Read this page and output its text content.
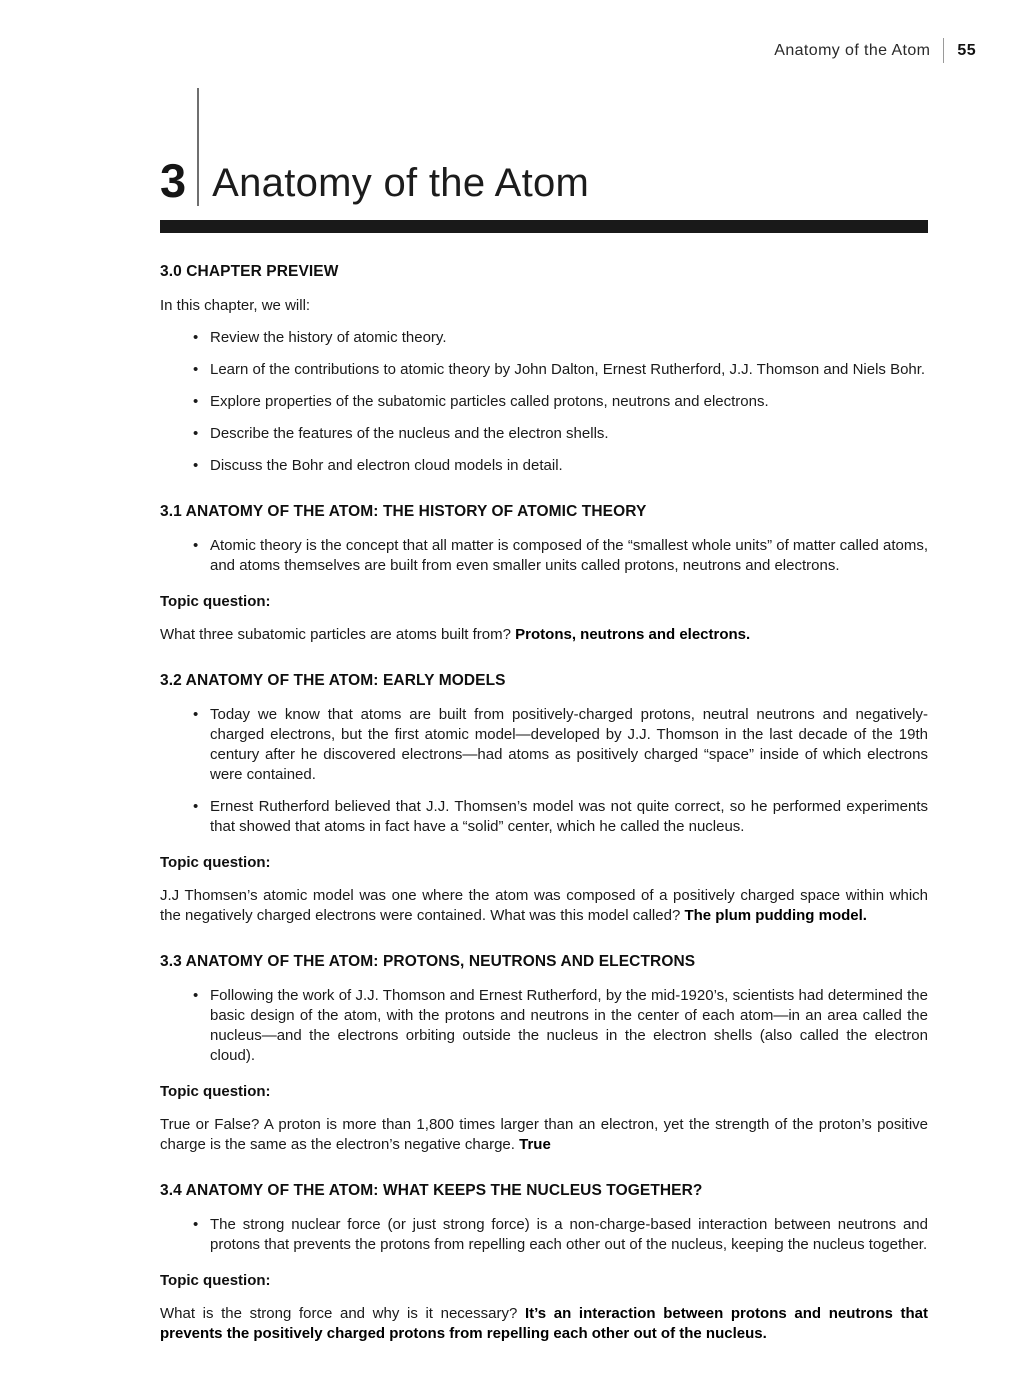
Anatomy of the Atom 55
3 Anatomy of the Atom
3.0 CHAPTER PREVIEW

In this chapter, we will:

• Review the history of atomic theory.
• Learn of the contributions to atomic theory by John Dalton, Ernest Rutherford, J.J. Thomson and Niels Bohr.
• Explore properties of the subatomic particles called protons, neutrons and electrons.
• Describe the features of the nucleus and the electron shells.
• Discuss the Bohr and electron cloud models in detail.
3.1 ANATOMY OF THE ATOM: THE HISTORY OF ATOMIC THEORY
• Atomic theory is the concept that all matter is composed of the “smallest whole units” of matter called atoms, and atoms themselves are built from even smaller units called protons, neutrons and electrons.

Topic question:

What three subatomic particles are atoms built from? Protons, neutrons and electrons.

3.2 ANATOMY OF THE ATOM: EARLY MODELS
• Today we know that atoms are built from positively-charged protons, neutral neutrons and negatively-charged electrons, but the first atomic model—developed by J.J. Thomson in the last decade of the 19th century after he discovered electrons—had atoms as positively charged “space” inside of which electrons were contained.
• Ernest Rutherford believed that J.J. Thomsen’s model was not quite correct, so he performed experiments that showed that atoms in fact have a “solid” center, which he called the nucleus.

Topic question:

J.J Thomsen’s atomic model was one where the atom was composed of a positively charged space within which the negatively charged electrons were contained. What was this model called? The plum pudding model.

3.3 ANATOMY OF THE ATOM: PROTONS, NEUTRONS AND ELECTRONS
• Following the work of J.J. Thomson and Ernest Rutherford, by the mid-1920’s, scientists had determined the basic design of the atom, with the protons and neutrons in the center of each atom—in an area called the nucleus—and the electrons orbiting outside the nucleus in the electron shells (also called the electron cloud).

Topic question:

True or False? A proton is more than 1,800 times larger than an electron, yet the strength of the proton’s positive charge is the same as the electron’s negative charge. True

3.4 ANATOMY OF THE ATOM: WHAT KEEPS THE NUCLEUS TOGETHER?
• The strong nuclear force (or just strong force) is a non-charge-based interaction between neutrons and protons that prevents the protons from repelling each other out of the nucleus, keeping the nucleus together.

Topic question:

What is the strong force and why is it necessary? It’s an interaction between protons and neutrons that prevents the positively charged protons from repelling each other out of the nucleus.
